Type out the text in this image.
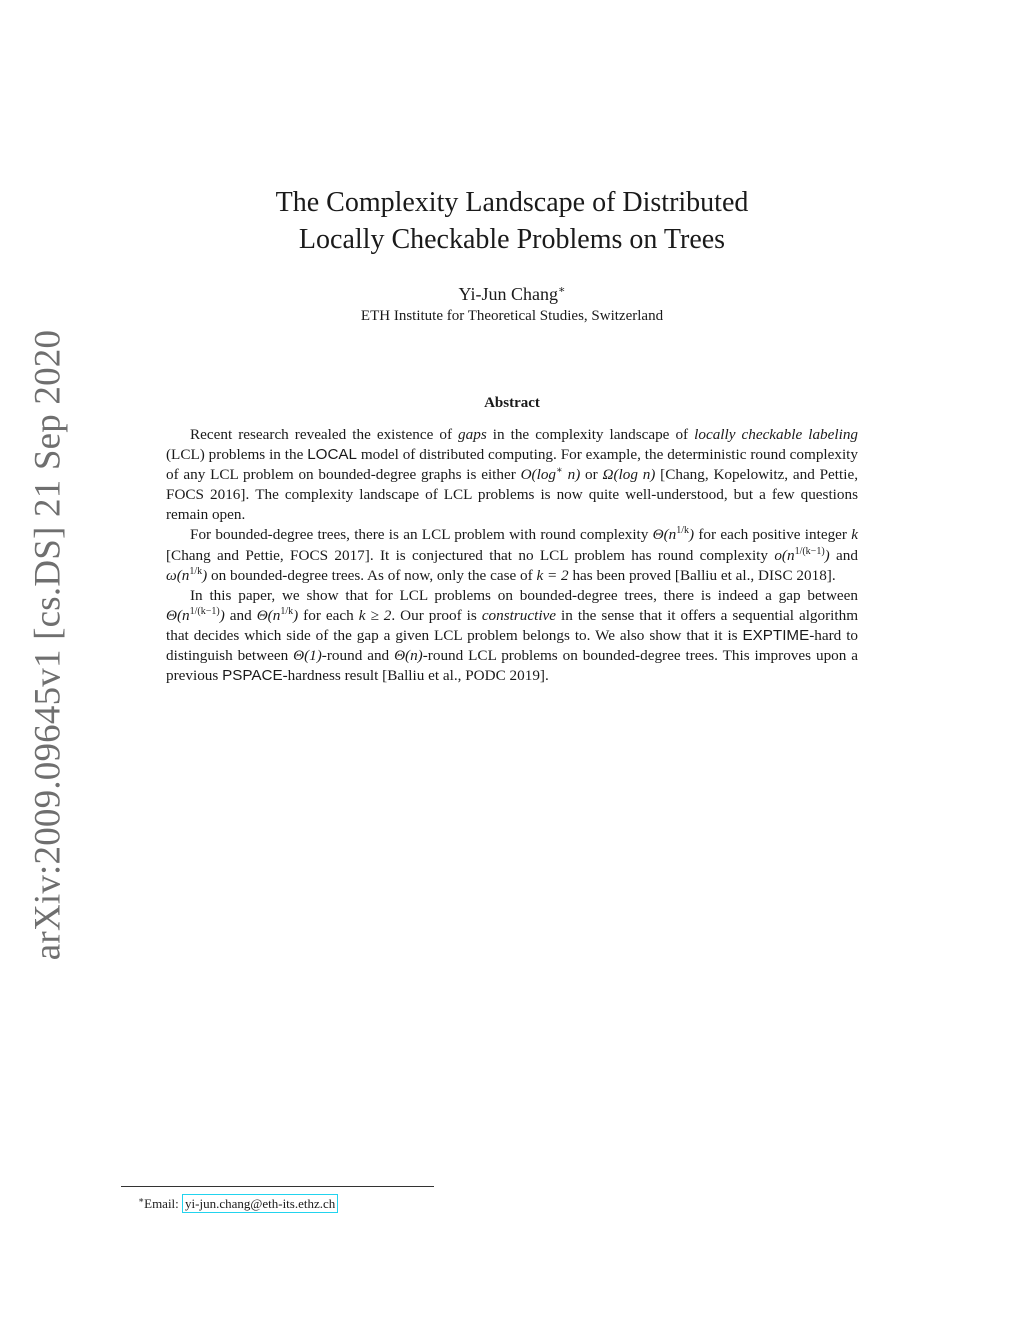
arXiv:2009.09645v1 [cs.DS] 21 Sep 2020
The Complexity Landscape of Distributed
Locally Checkable Problems on Trees
Yi-Jun Chang∗
ETH Institute for Theoretical Studies, Switzerland
Abstract

Recent research revealed the existence of gaps in the complexity landscape of locally checkable labeling (LCL) problems in the LOCAL model of distributed computing. For example, the deterministic round complexity of any LCL problem on bounded-degree graphs is either O(log∗ n) or Ω(log n) [Chang, Kopelowitz, and Pettie, FOCS 2016]. The complexity landscape of LCL problems is now quite well-understood, but a few questions remain open.

For bounded-degree trees, there is an LCL problem with round complexity $\Theta(n^{1/k})$ for each positive integer k [Chang and Pettie, FOCS 2017]. It is conjectured that no LCL problem has round complexity $o(n^{1/(k-1)})$ and $\omega(n^{1/k})$ on bounded-degree trees. As of now, only the case of k = 2 has been proved [Balliu et al., DISC 2018].

In this paper, we show that for LCL problems on bounded-degree trees, there is indeed a gap between $\Theta(n^{1/(k-1)})$ and $\Theta(n^{1/k})$ for each k ≥ 2. Our proof is constructive in the sense that it offers a sequential algorithm that decides which side of the gap a given LCL problem belongs to. We also show that it is EXPTIME-hard to distinguish between Θ(1)-round and Θ(n)-round LCL problems on bounded-degree trees. This improves upon a previous PSPACE-hardness result [Balliu et al., PODC 2019].

∗Email: yi-jun.chang@eth-its.ethz.ch
